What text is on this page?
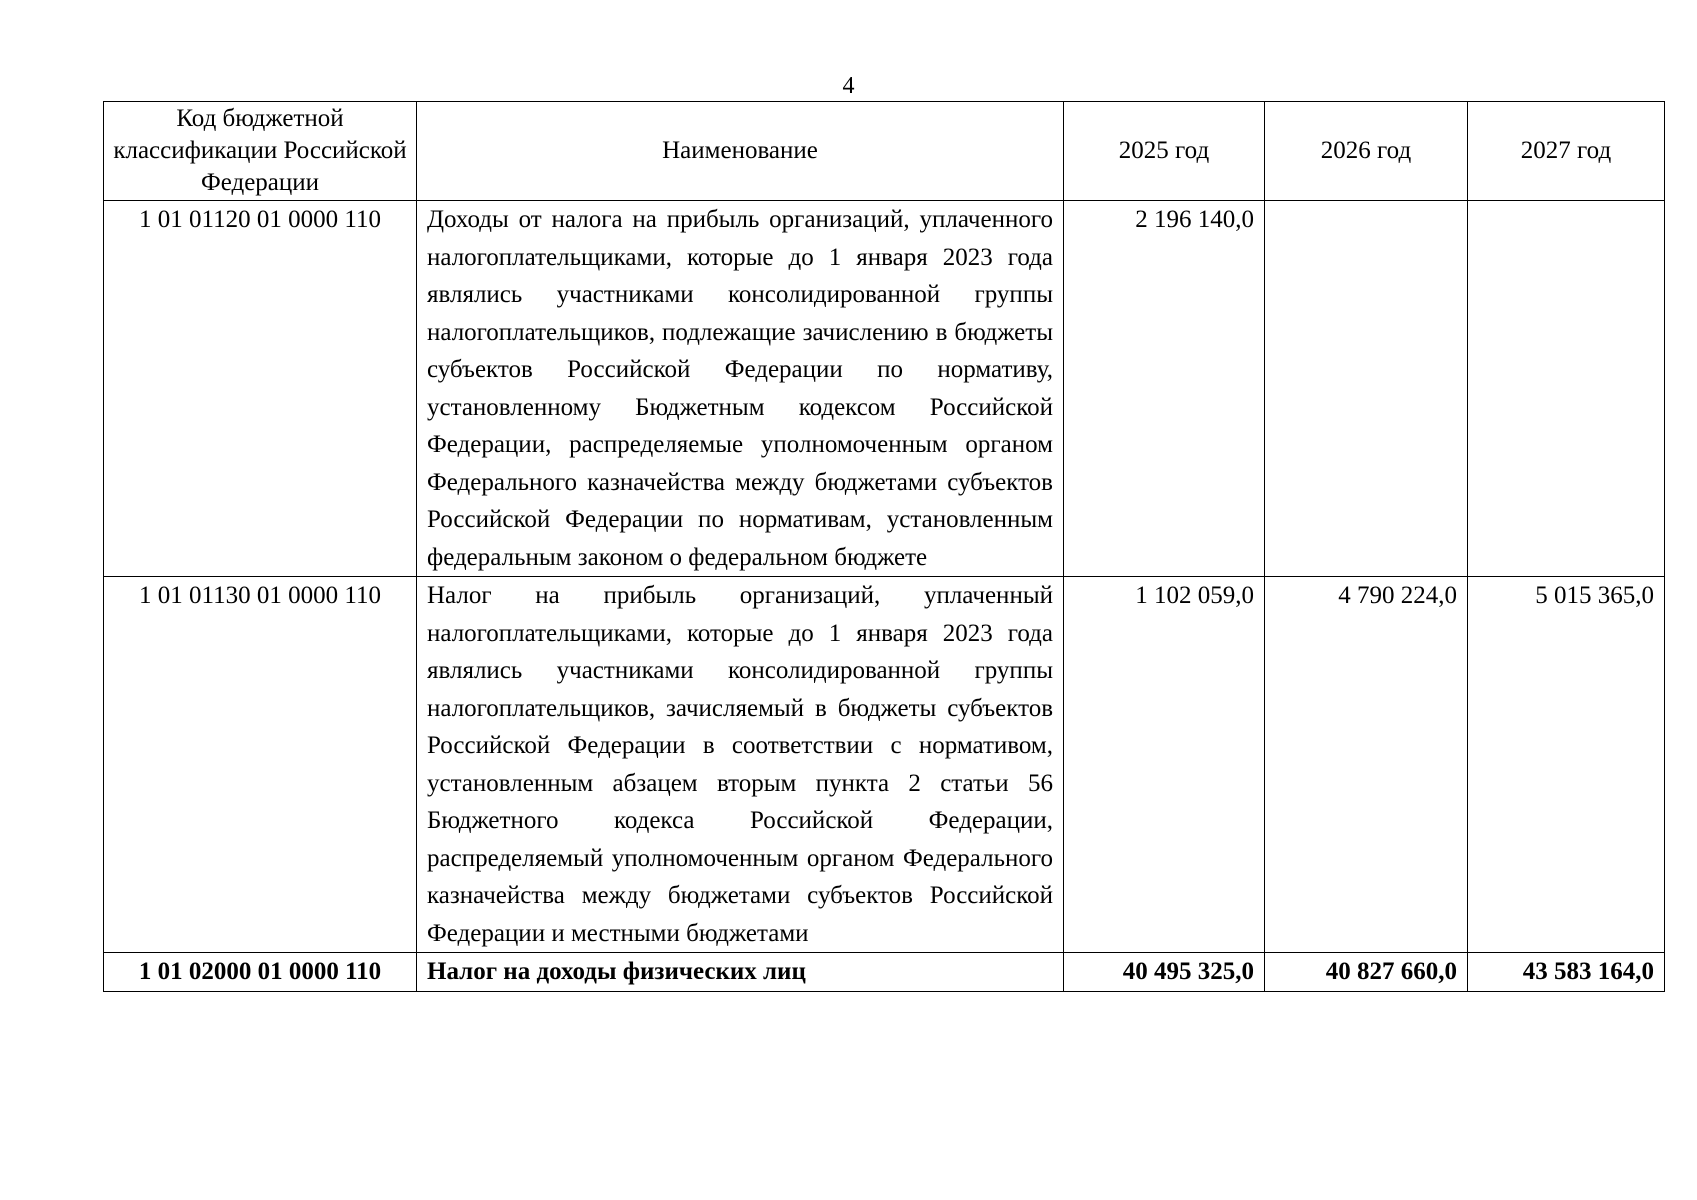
4
Код бюджетной классификации Российской Федерации	Наименование	2025 год	2026 год	2027 год
1 01 01120 01 0000 110	Доходы от налога на прибыль организаций, уплаченного налогоплательщиками, которые до 1 января 2023 года являлись участниками консолидированной группы налогоплательщиков, подлежащие зачислению в бюджеты субъектов Российской Федерации по нормативу, установленному Бюджетным кодексом Российской Федерации, распределяемые уполномоченным органом Федерального казначейства между бюджетами субъектов Российской Федерации по нормативам, установленным федеральным законом о федеральном бюджете	2 196 140,0		
1 01 01130 01 0000 110	Налог на прибыль организаций, уплаченный налогоплательщиками, которые до 1 января 2023 года являлись участниками консолидированной группы налогоплательщиков, зачисляемый в бюджеты субъектов Российской Федерации в соответствии с нормативом, установленным абзацем вторым пункта 2 статьи 56 Бюджетного кодекса Российской Федерации, распределяемый уполномоченным органом Федерального казначейства между бюджетами субъектов Российской Федерации и местными бюджетами	1 102 059,0	4 790 224,0	5 015 365,0
1 01 02000 01 0000 110	Налог на доходы физических лиц	40 495 325,0	40 827 660,0	43 583 164,0
